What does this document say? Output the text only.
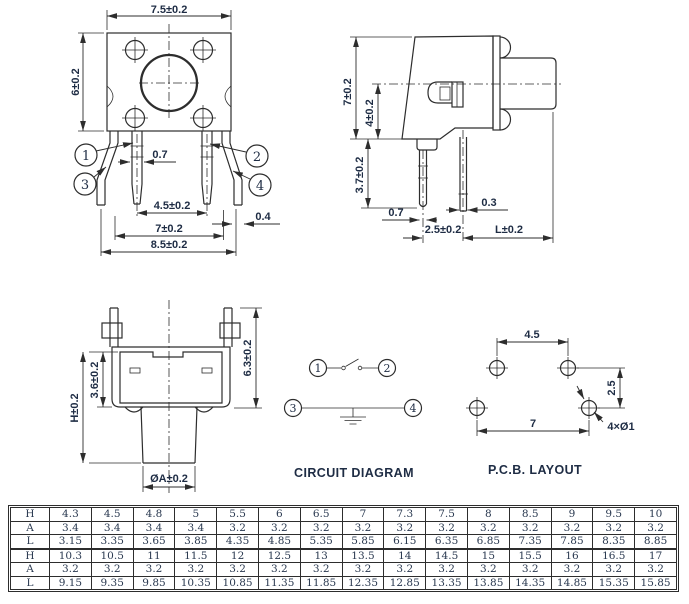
1	2
3	4
7.5±0.2
6±0.2
0.7
4.5±0.2
7±0.2
8.5±0.2
0.4
7±0.2
4±0.2
3.7±0.2
0.7
0.3
2.5±0.2	L±0.2
H±0.2
3.6±0.2
6.3±0.2
ØA±0.2
1	2
3	4
CIRCUIT DIAGRAM
4.5
2.5
7	4×Ø1
P.C.B. LAYOUT
H	4.3	4.5	4.8	5	5.5	6	6.5	7	7.3	7.5	8	8.5	9	9.5	10
A	3.4	3.4	3.4	3.4	3.2	3.2	3.2	3.2	3.2	3.2	3.2	3.2	3.2	3.2	3.2
L	3.15	3.35	3.65	3.85	4.35	4.85	5.35	5.85	6.15	6.35	6.85	7.35	7.85	8.35	8.85
H	10.3	10.5	11	11.5	12	12.5	13	13.5	14	14.5	15	15.5	16	16.5	17
A	3.2	3.2	3.2	3.2	3.2	3.2	3.2	3.2	3.2	3.2	3.2	3.2	3.2	3.2	3.2
L	9.15	9.35	9.85	10.35	10.85	11.35	11.85	12.35	12.85	13.35	13.85	14.35	14.85	15.35	15.85
